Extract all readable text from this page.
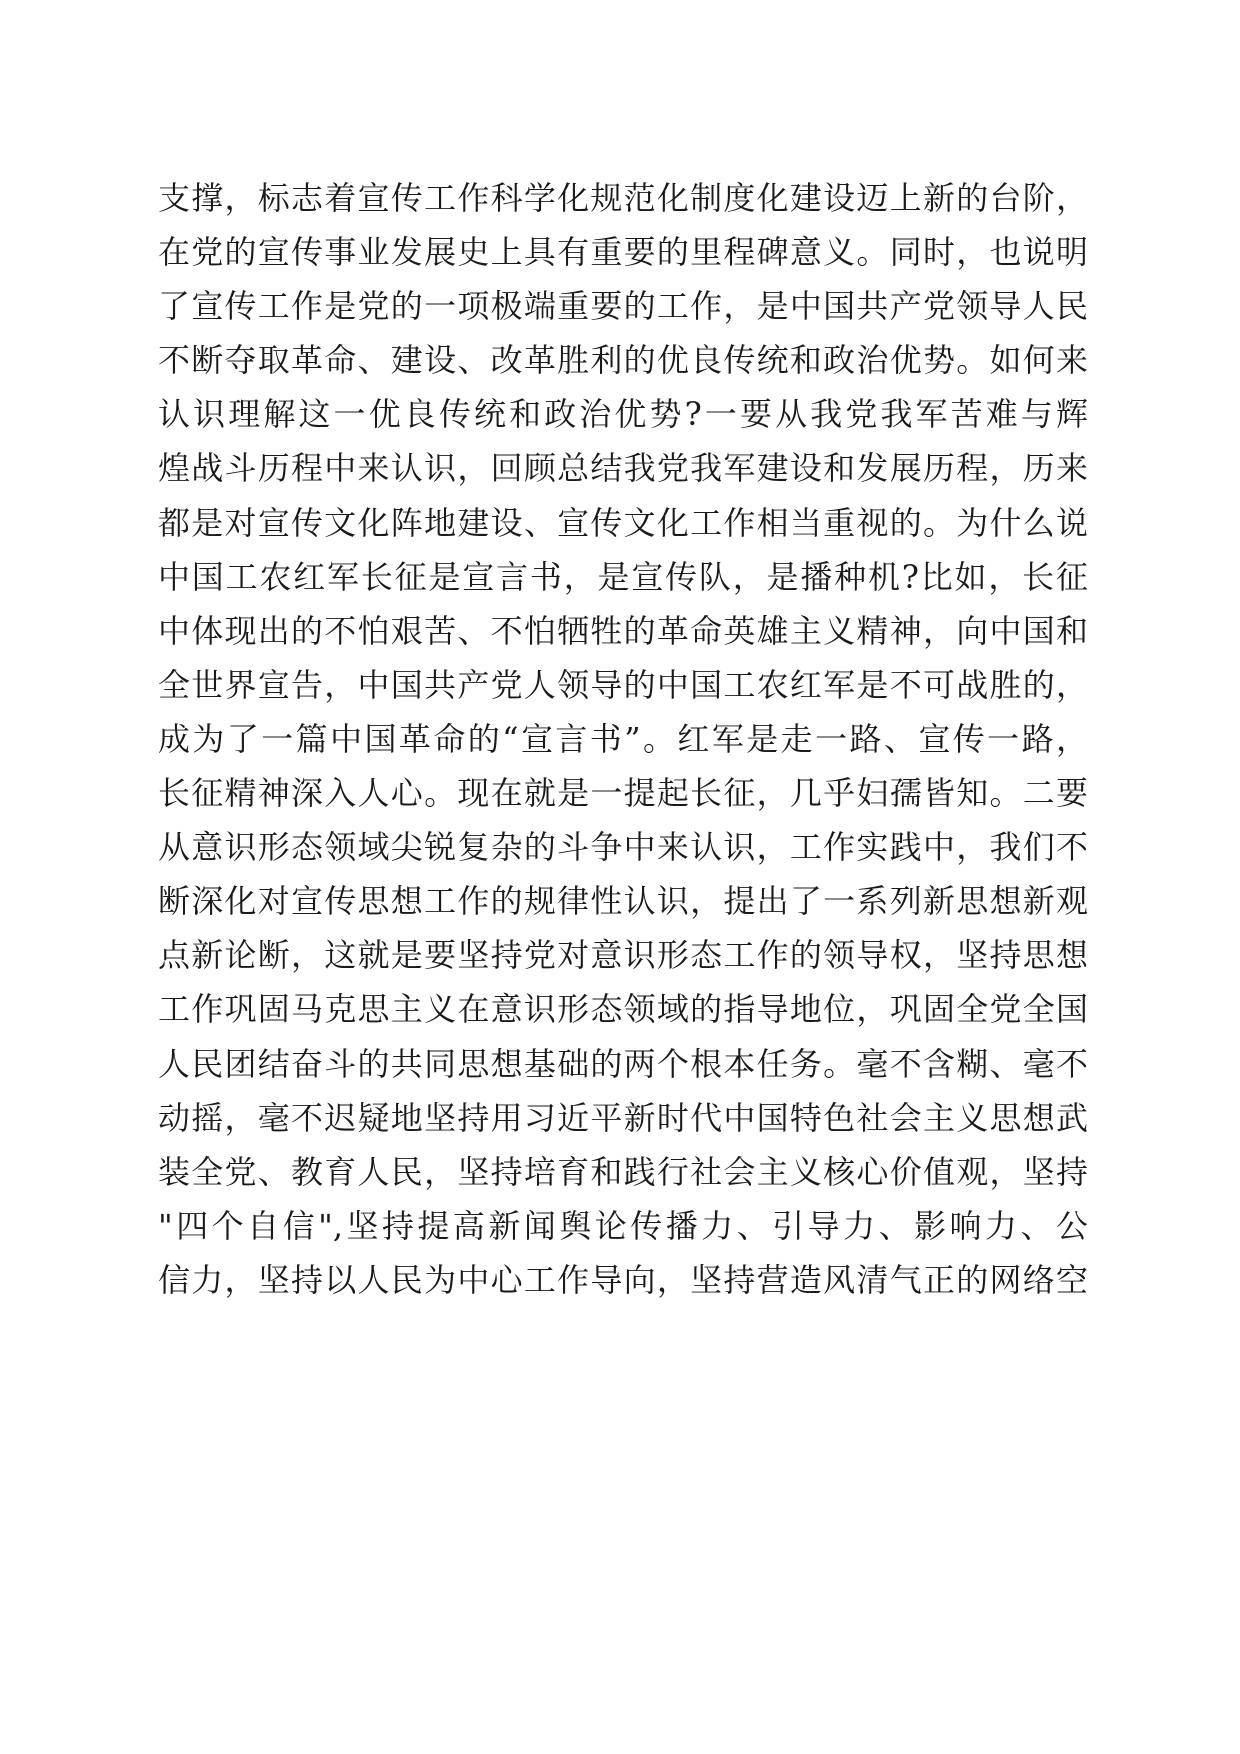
支撑，标志着宣传工作科学化规范化制度化建设迈上新的台阶，
在党的宣传事业发展史上具有重要的里程碑意义。同时，也说明
了宣传工作是党的一项极端重要的工作，是中国共产党领导人民
不断夺取革命、建设、改革胜利的优良传统和政治优势。如何来
认识理解这一优良传统和政治优势?一要从我党我军苦难与辉
煌战斗历程中来认识，回顾总结我党我军建设和发展历程，历来
都是对宣传文化阵地建设、宣传文化工作相当重视的。为什么说
中国工农红军长征是宣言书，是宣传队，是播种机?比如，长征
中体现出的不怕艰苦、不怕牺牲的革命英雄主义精神，向中国和
全世界宣告，中国共产党人领导的中国工农红军是不可战胜的，
成为了一篇中国革命的“宣言书”。红军是走一路、宣传一路，
长征精神深入人心。现在就是一提起长征，几乎妇孺皆知。二要
从意识形态领域尖锐复杂的斗争中来认识，工作实践中，我们不
断深化对宣传思想工作的规律性认识，提出了一系列新思想新观
点新论断，这就是要坚持党对意识形态工作的领导权，坚持思想
工作巩固马克思主义在意识形态领域的指导地位，巩固全党全国
人民团结奋斗的共同思想基础的两个根本任务。毫不含糊、毫不
动摇，毫不迟疑地坚持用习近平新时代中国特色社会主义思想武
装全党、教育人民，坚持培育和践行社会主义核心价值观，坚持
"四个自信",坚持提高新闻舆论传播力、引导力、影响力、公
信力，坚持以人民为中心工作导向，坚持营造风清气正的网络空
